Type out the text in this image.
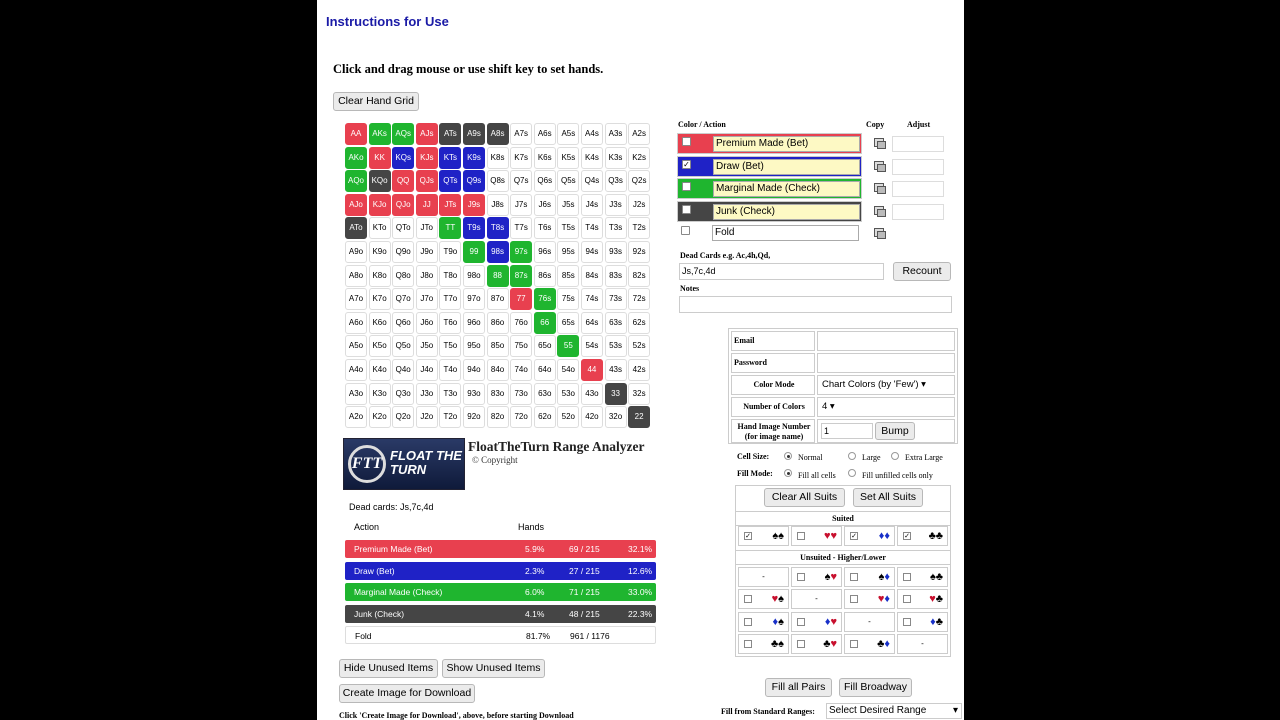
Instructions for Use
Click and drag mouse or use shift key to set hands.
Clear Hand Grid
AA	AKs	AQs	AJs	ATs	A9s	A8s	A7s	A6s	A5s	A4s	A3s	A2s
AKo	KK	KQs	KJs	KTs	K9s	K8s	K7s	K6s	K5s	K4s	K3s	K2s
AQo KQo	QQ	QJs	QTs	Q9s	Q8s	Q7s	Q6s	Q5s	Q4s	Q3s	Q2s
AJo	KJo	QJo	JJ	JTs	J9s	J8s	J7s	J6s	J5s	J4s	J3s	J2s
ATo	KTo	QTo	JTo	TT	T9s	T8s	T7s	T6s	T5s	T4s	T3s	T2s
A9o	K9o	Q9o	J9o	T9o	99	98s	97s	96s	95s	94s	93s	92s
A8o	K8o	Q8o	J8o	T8o	98o	88	87s	86s	85s	84s	83s	82s
A7o	K7o	Q7o	J7o	T7o	97o	87o	77	76s	75s	74s	73s	72s
A6o	K6o	Q6o	J6o	T6o	96o	86o	76o	66	65s	64s	63s	62s
A5o	K5o	Q5o	J5o	T5o	95o	85o	75o	65o	55	54s	53s	52s
A4o	K4o	Q4o	J4o	T4o	94o	84o	74o	64o	54o	44	43s	42s
A3o	K3o	Q3o	J3o	T3o	93o	83o	73o	63o	53o	43o	33	32s
A2o	K2o	Q2o	J2o	T2o	92o	82o	72o	62o	52o	42o	32o	22
FTT FLOAT THE TURN
FloatTheTurn Range Analyzer
© Copyright
Dead cards: Js,7c,4d
Action	Hands
Premium Made (Bet)	5.9%	69 / 215	32.1%
Draw (Bet)	2.3%	27 / 215	12.6%
Marginal Made (Check)	6.0%	71 / 215	33.0%
Junk (Check)	4.1%	48 / 215	22.3%
Fold	81.7% 961 / 1176
Hide Unused Items	Show Unused Items
Create Image for Download
Click 'Create Image for Download', above, before starting Download
Color / Action	Copy	Adjust
Premium Made (Bet)
✓	Draw (Bet)
Marginal Made (Check)
Junk (Check)
Fold
Dead Cards e.g. Ac,4h,Qd,
Js,7c,4d	Recount
Notes
Email
Password
Color Mode	Chart Colors (by 'Few') ▾
Number of Colors	4 ▾
Hand Image Number (for image name)
1	Bump
Cell Size:	Normal	Large	Extra Large
Fill Mode:	Fill all cells	Fill unfilled cells only
Clear All Suits	Set All Suits
Suited
Unsuited - Higher/Lower
✓ ♠♠	♥♥	✓ ♦♦	✓ ♣♣
-	♠♥	♠♦	♠♣
♥♠	-	♥♦	♥♣
♦♠	♦♥	-	♦♣
♣♠	♣♥	♣♦	-
Fill all Pairs	Fill Broadway
Fill from Standard Ranges:	Select Desired Range	▾
